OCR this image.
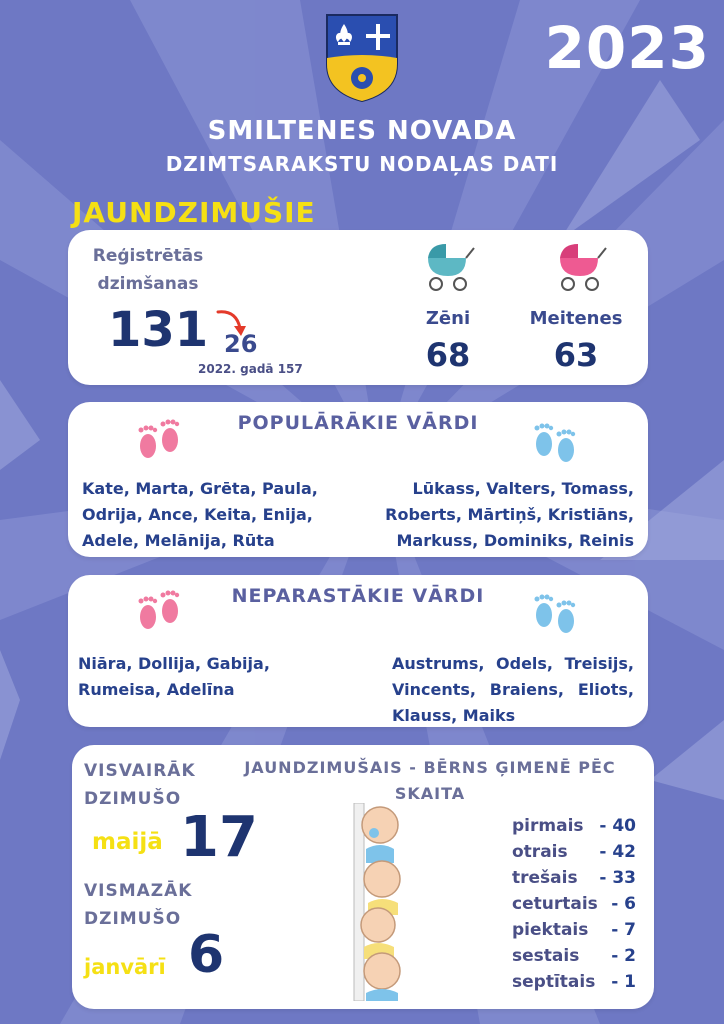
2023
SMILTENES NOVADA
DZIMTSARAKSTU NODAĻAS DATI
JAUNDZIMUŠIE
Reģistrētās
dzimšanas
131 26
2022. gadā 157
Zēni
68
Meitenes
63
POPULĀRĀKIE VĀRDI
Kate, Marta, Grēta, Paula,
Odrija, Ance, Keita, Enija,
Adele, Melānija, Rūta
Lūkass, Valters, Tomass,
Roberts, Mārtiņš, Kristiāns,
Markuss, Dominiks, Reinis
NEPARASTĀKIE VĀRDI
Niāra, Dollija, Gabija,
Rumeisa, Adelīna
Austrums, Odels, Treisijs,
Vincents, Braiens, Eliots,
Klauss, Maiks
VISVAIRĀK
DZIMUŠO
maijā 17
VISMAZĀK
DZIMUŠO
janvārī 6
JAUNDZIMUŠAIS - BĒRNS ĢIMENĒ PĒC
SKAITA
pirmais - 40
otrais - 42
trešais - 33
ceturtais - 6
piektais - 7
sestais - 2
septītais - 1
